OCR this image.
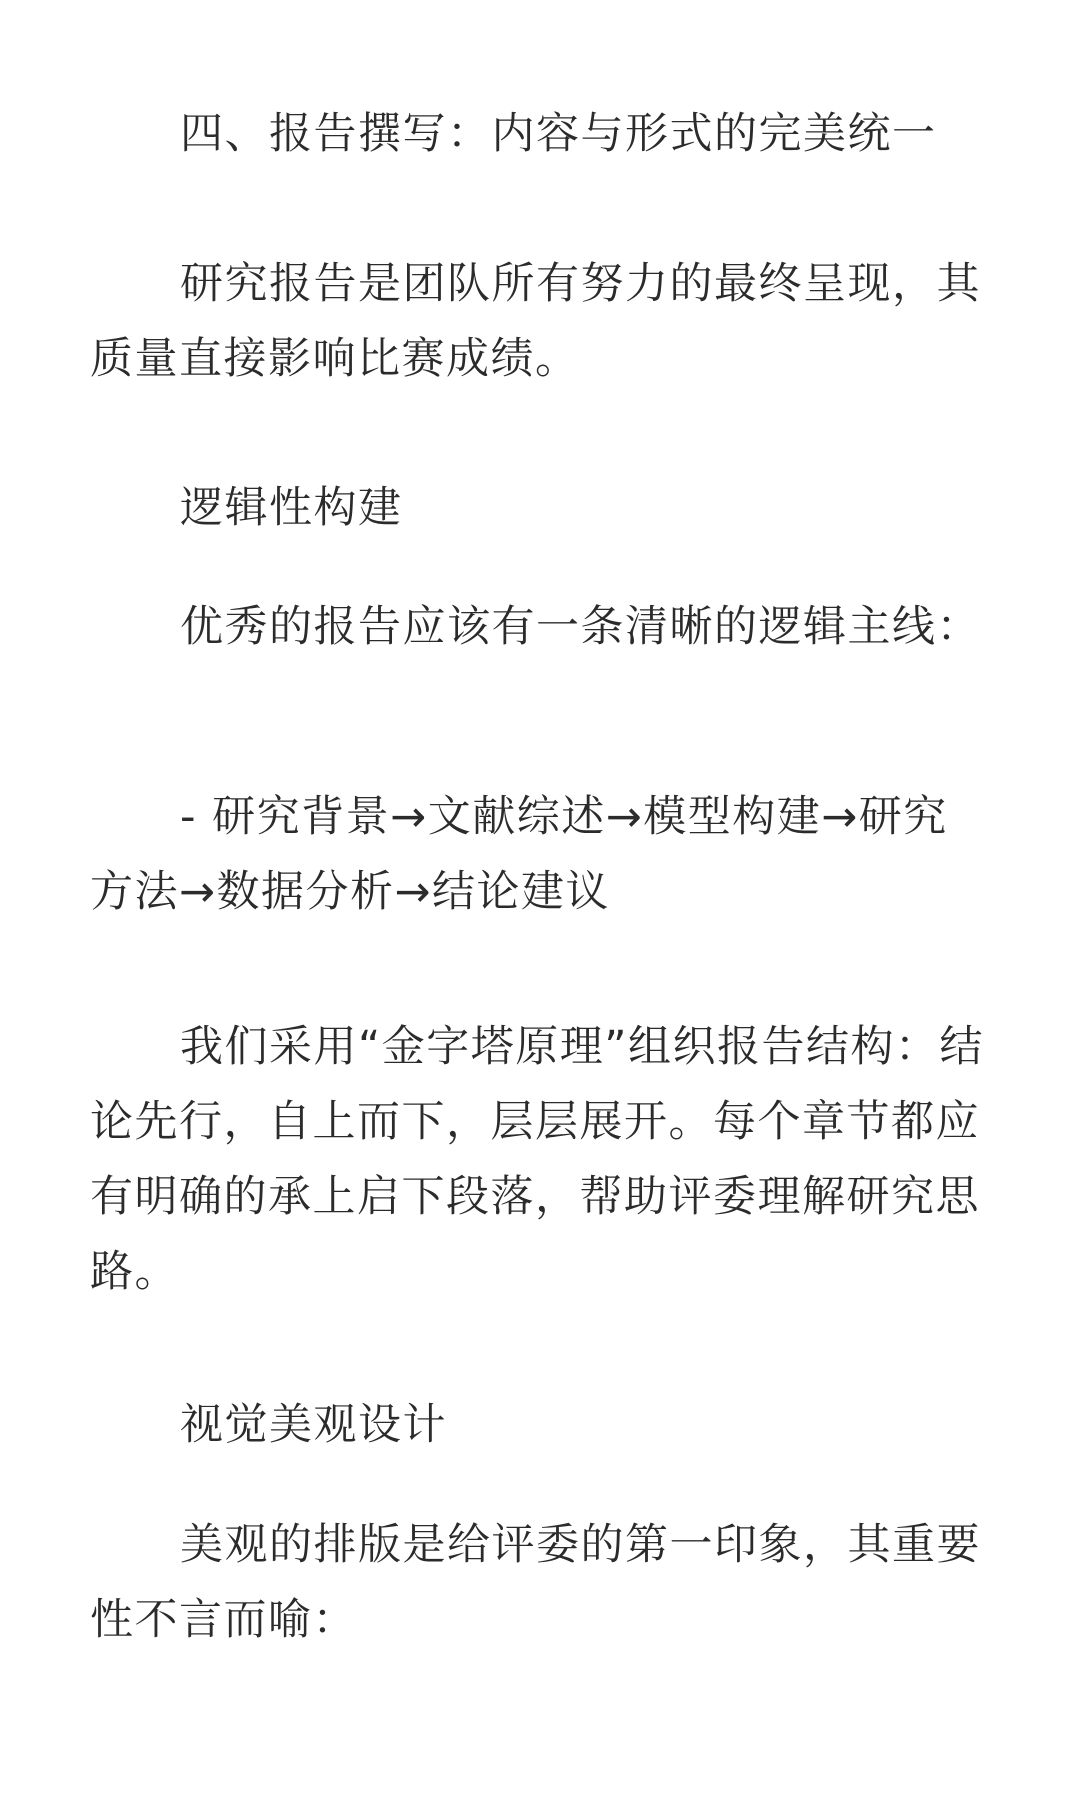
四、报告撰写：内容与形式的完美统一

研究报告是团队所有努力的最终呈现，其质量直接影响比赛成绩。

逻辑性构建

优秀的报告应该有一条清晰的逻辑主线：

- 研究背景→文献综述→模型构建→研究方法→数据分析→结论建议

我们采用“金字塔原理”组织报告结构：结论先行，自上而下，层层展开。每个章节都应有明确的承上启下段落，帮助评委理解研究思路。

视觉美观设计

美观的排版是给评委的第一印象，其重要性不言而喻：
